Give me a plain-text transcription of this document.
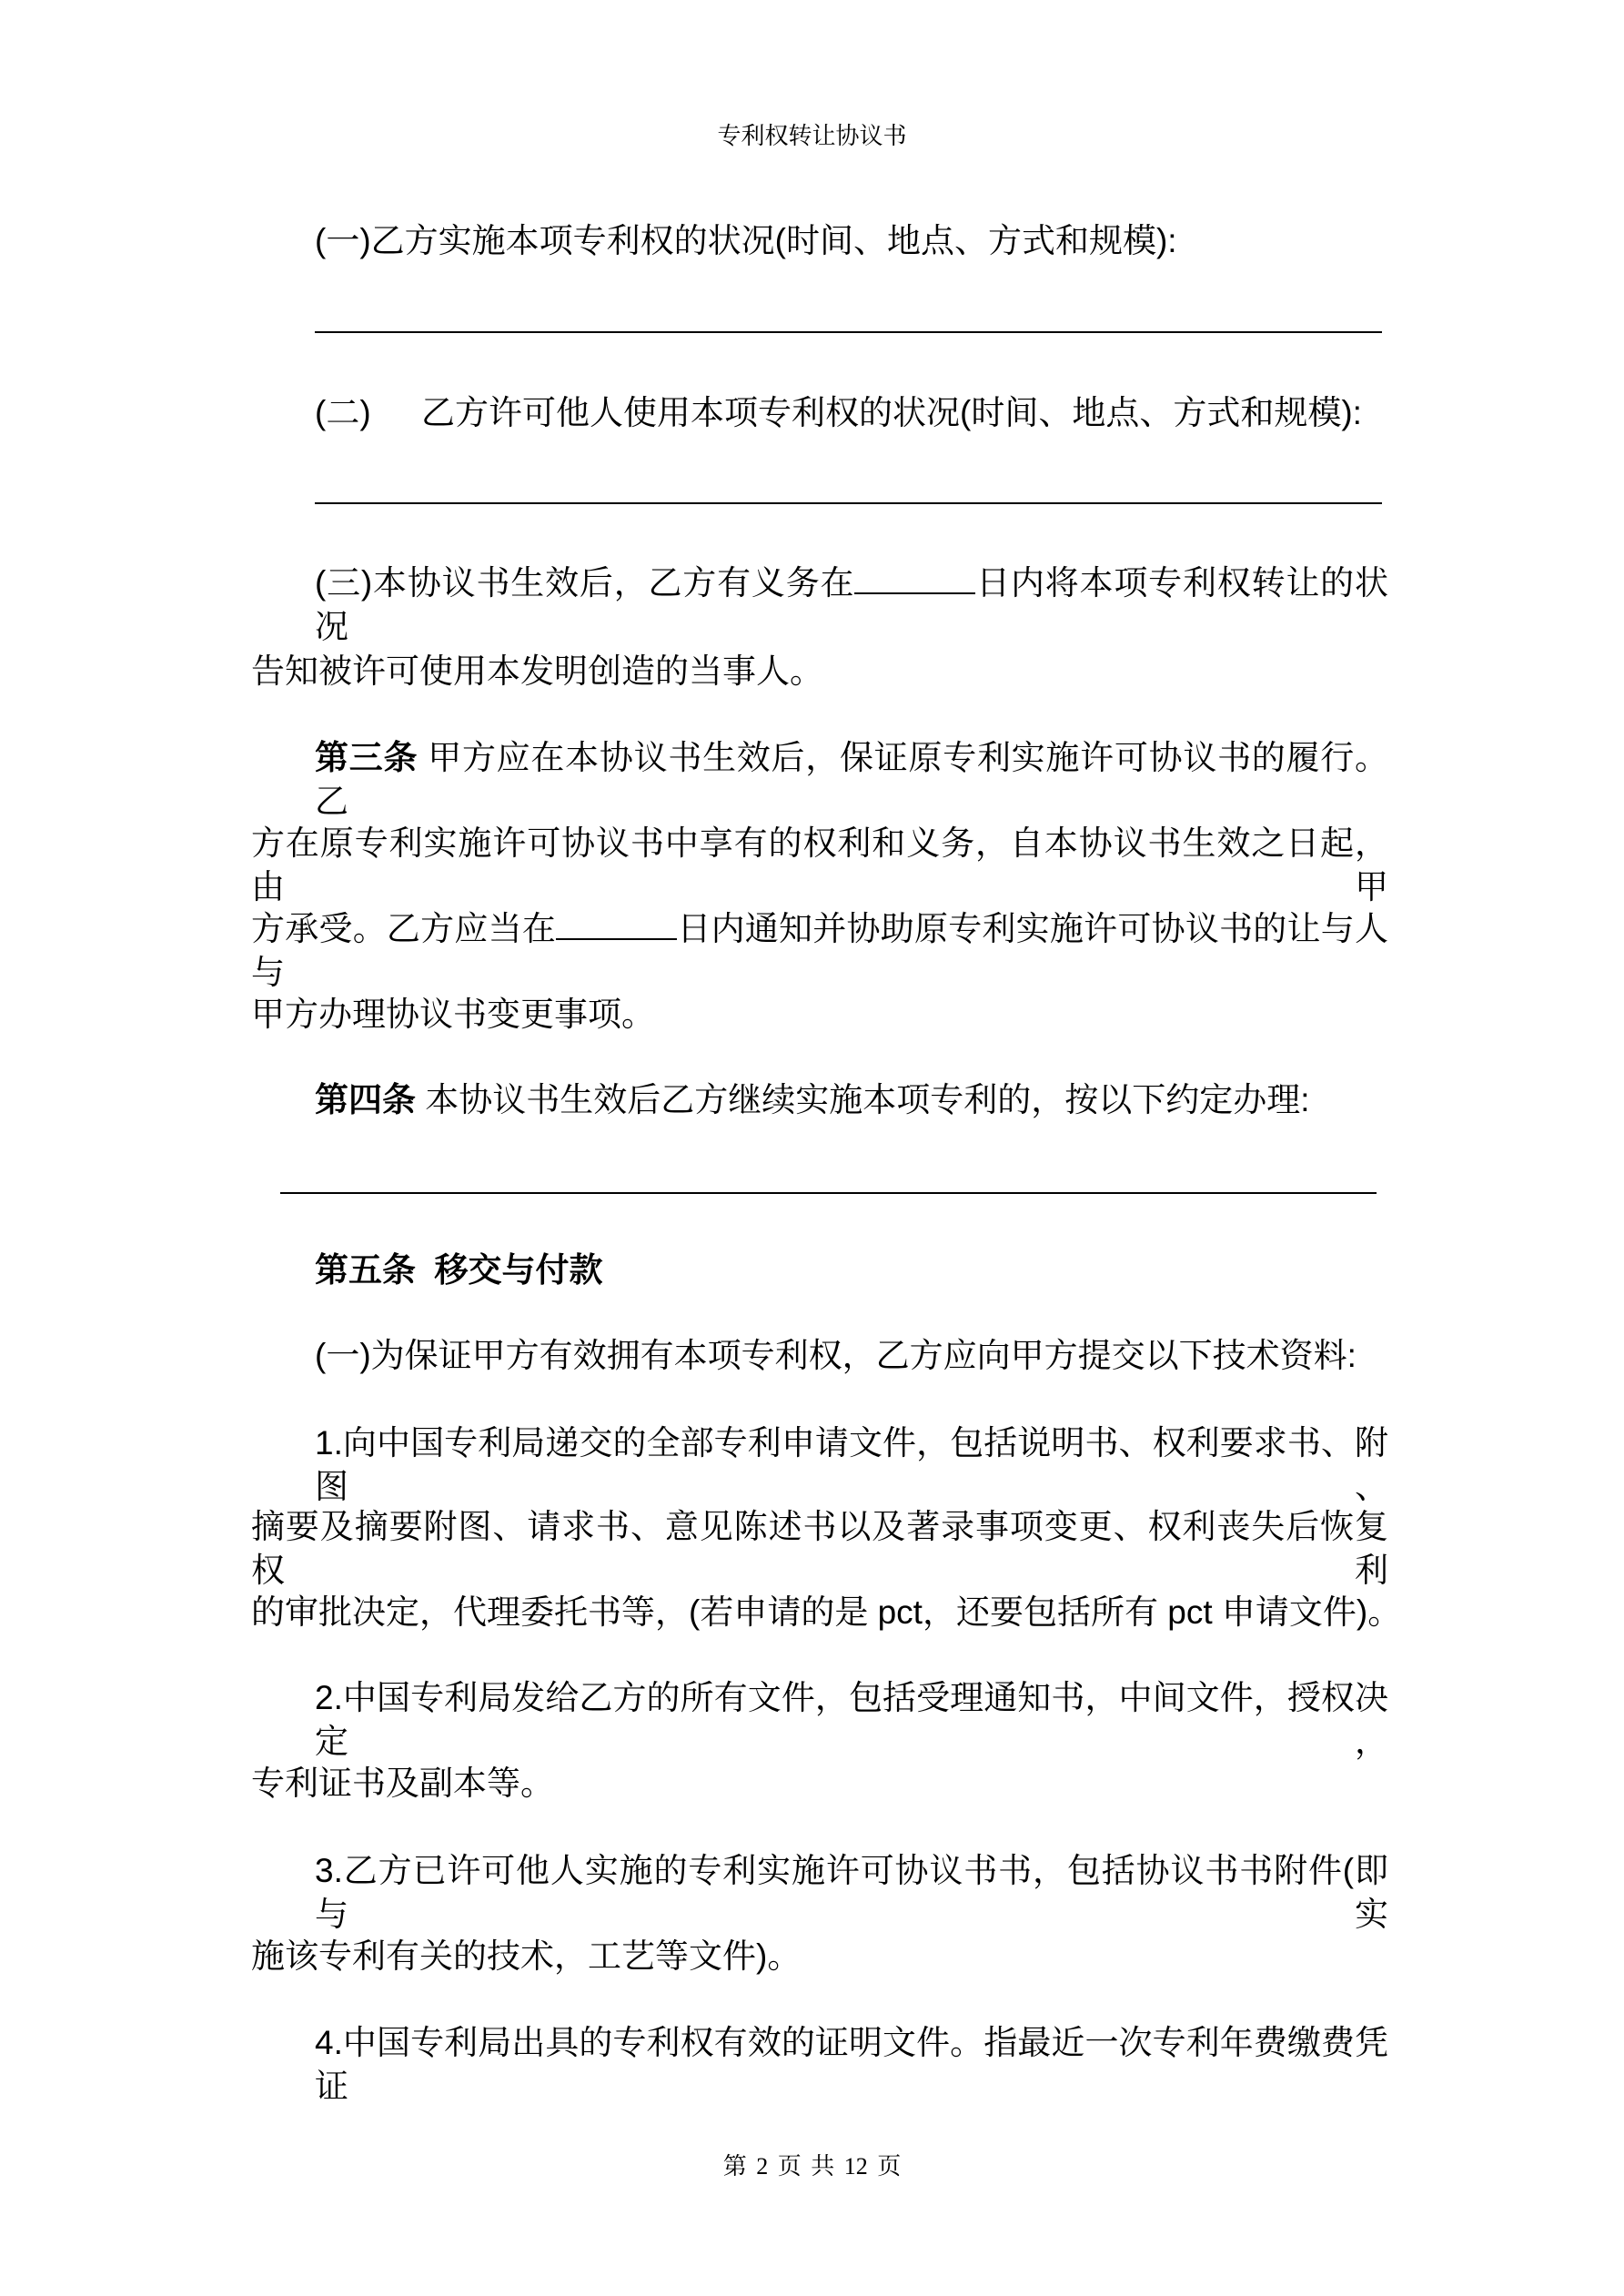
专利权转让协议书
(一)乙方实施本项专利权的状况(时间、地点、方式和规模):
(二) 乙方许可他人使用本项专利权的状况(时间、地点、方式和规模):
(三)本协议书生效后，乙方有义务在	日内将本项专利权转让的状况
告知被许可使用本发明创造的当事人。
第三条 甲方应在本协议书生效后，保证原专利实施许可协议书的履行。乙
方在原专利实施许可协议书中享有的权利和义务，自本协议书生效之日起，由甲
方承受。乙方应当在	日内通知并协助原专利实施许可协议书的让与人与
甲方办理协议书变更事项。
第四条 本协议书生效后乙方继续实施本项专利的，按以下约定办理:
第五条  移交与付款
(一)为保证甲方有效拥有本项专利权，乙方应向甲方提交以下技术资料:
1.向中国专利局递交的全部专利申请文件，包括说明书、权利要求书、附图、
摘要及摘要附图、请求书、意见陈述书以及著录事项变更、权利丧失后恢复权利
的审批决定，代理委托书等，(若申请的是 pct，还要包括所有 pct 申请文件)。
2.中国专利局发给乙方的所有文件，包括受理通知书，中间文件，授权决定，
专利证书及副本等。
3.乙方已许可他人实施的专利实施许可协议书书，包括协议书书附件(即与实
施该专利有关的技术，工艺等文件)。
4.中国专利局出具的专利权有效的证明文件。指最近一次专利年费缴费凭证
第 2 页 共 12 页
